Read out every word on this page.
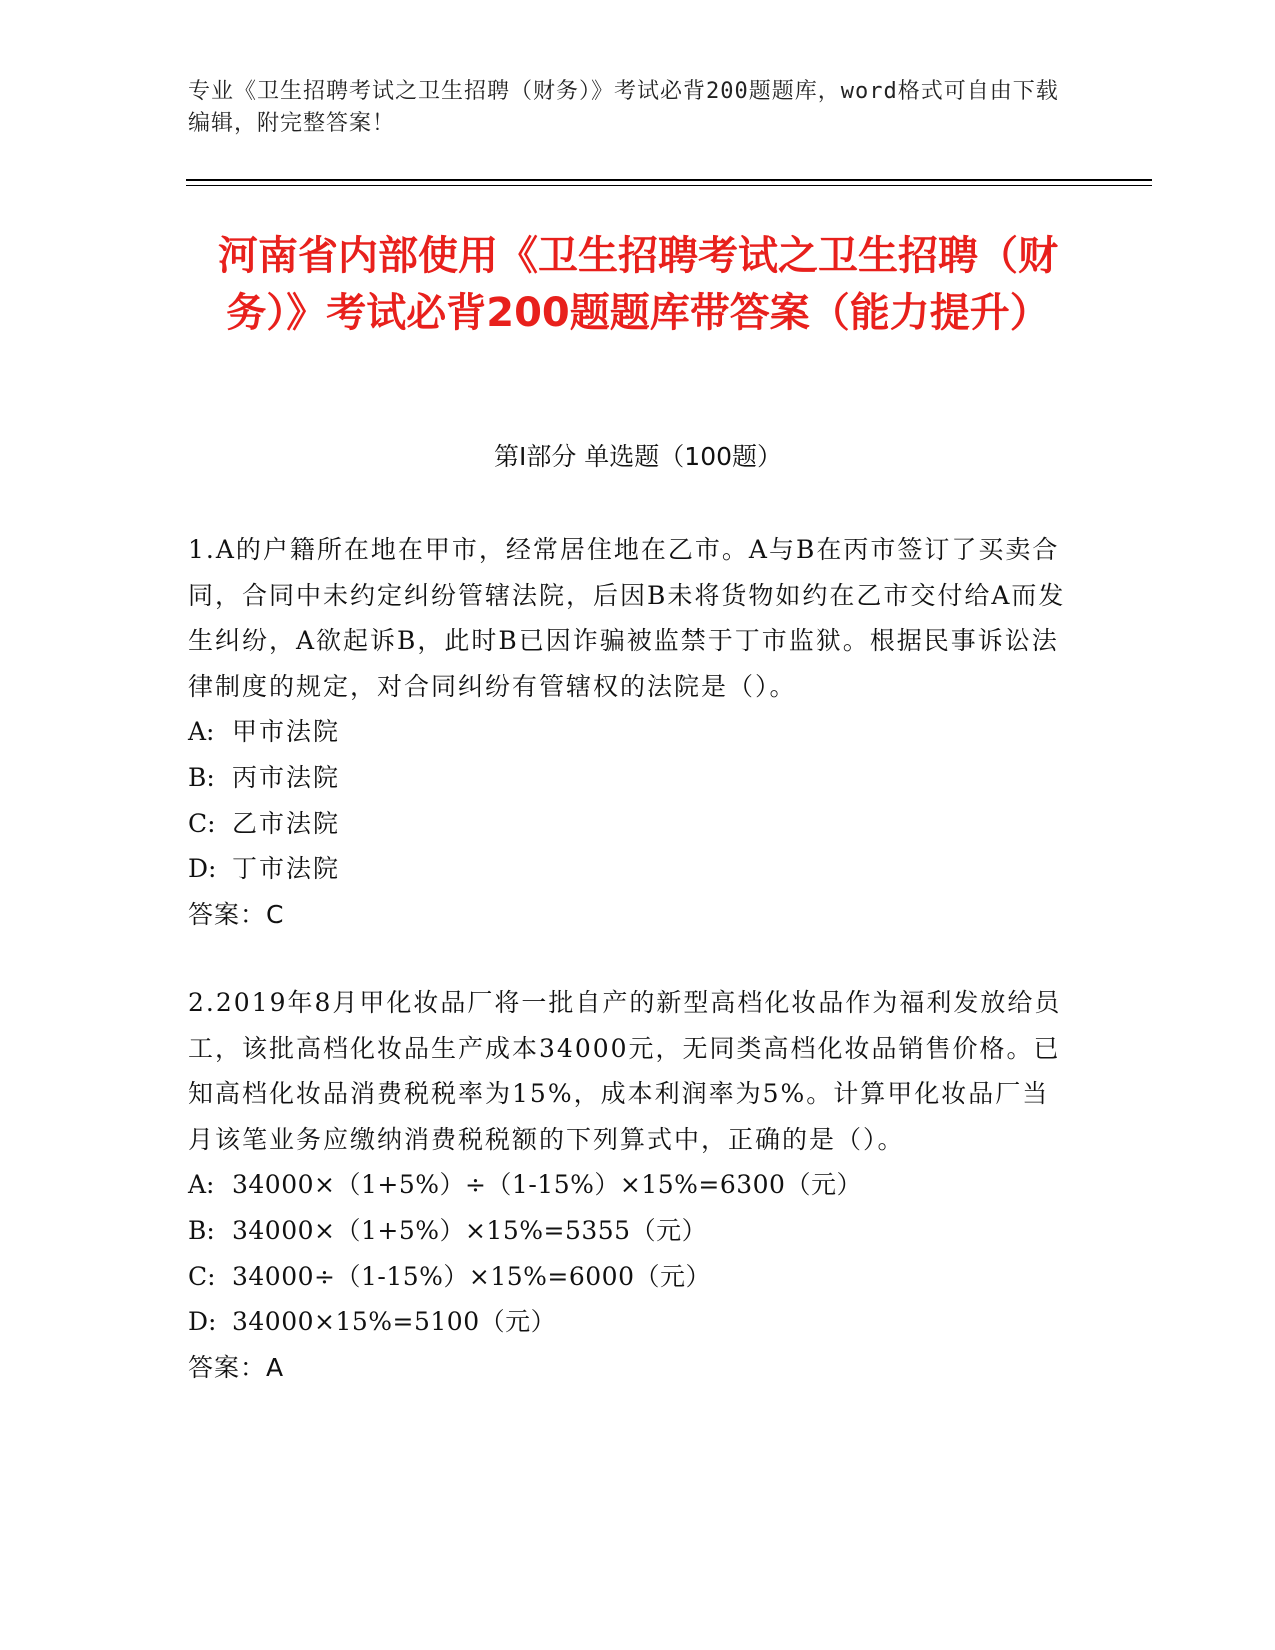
专业《卫生招聘考试之卫生招聘（财务）》考试必背200题题库，word格式可自由下载编辑，附完整答案！
河南省内部使用《卫生招聘考试之卫生招聘（财务）》考试必背200题题库带答案（能力提升）
第Ⅰ部分 单选题（100题）

1.A的户籍所在地在甲市，经常居住地在乙市。A与B在丙市签订了买卖合同，合同中未约定纠纷管辖法院，后因B未将货物如约在乙市交付给A而发生纠纷，A欲起诉B，此时B已因诈骗被监禁于丁市监狱。根据民事诉讼法律制度的规定，对合同纠纷有管辖权的法院是（）。

A: 甲市法院

B: 丙市法院

C: 乙市法院

D: 丁市法院

答案：C

2.2019年8月甲化妆品厂将一批自产的新型高档化妆品作为福利发放给员工，该批高档化妆品生产成本34000元，无同类高档化妆品销售价格。已知高档化妆品消费税税率为15%，成本利润率为5%。计算甲化妆品厂当月该笔业务应缴纳消费税税额的下列算式中，正确的是（）。

A: 34000×（1+5%）÷（1-15%）×15%=6300（元）

B: 34000×（1+5%）×15%=5355（元）

C: 34000÷（1-15%）×15%=6000（元）

D: 34000×15%=5100（元）

答案：A
